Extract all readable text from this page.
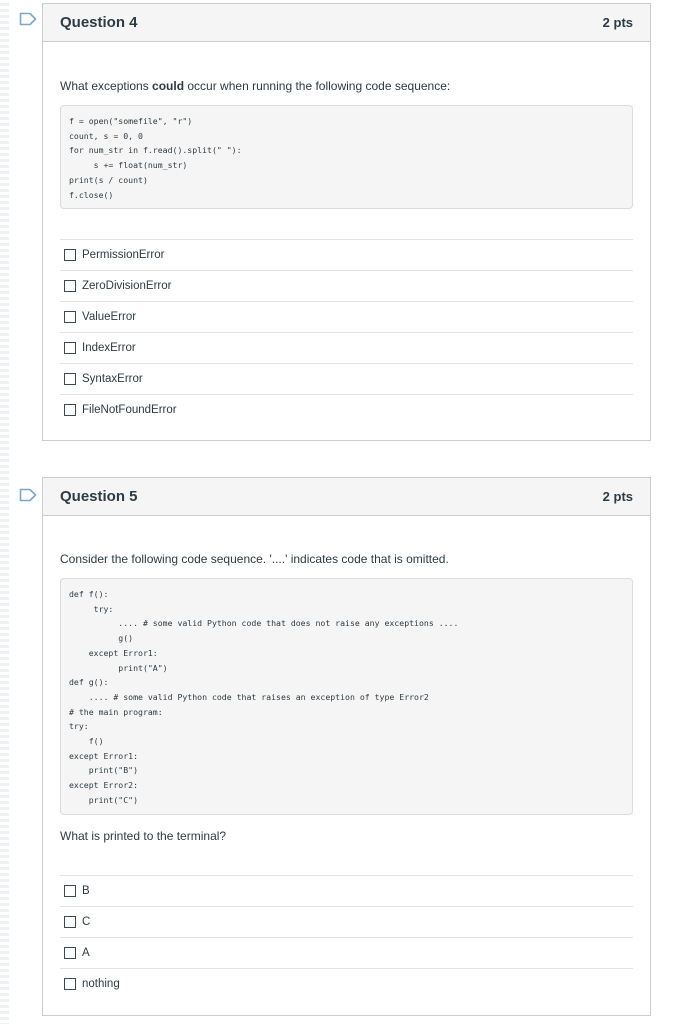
Question 4	2 pts

What exceptions could occur when running the following code sequence:

f = open("somefile", "r")
count, s = 0, 0
for num_str in f.read().split(" "):
s += float(num_str)
print(s / count)
f.close()
PermissionError
ZeroDivisionError
ValueError
IndexError
SyntaxError
FileNotFoundError
Question 5	2 pts

Consider the following code sequence. '....' indicates code that is omitted.

def f():
try:
.... # some valid Python code that does not raise any exceptions ....
g()
except Error1:
print("A")
def g():
.... # some valid Python code that raises an exception of type Error2
# the main program:
try:
f()
except Error1:
print("B")
except Error2:
print("C")

What is printed to the terminal?

B
C
A
nothing
